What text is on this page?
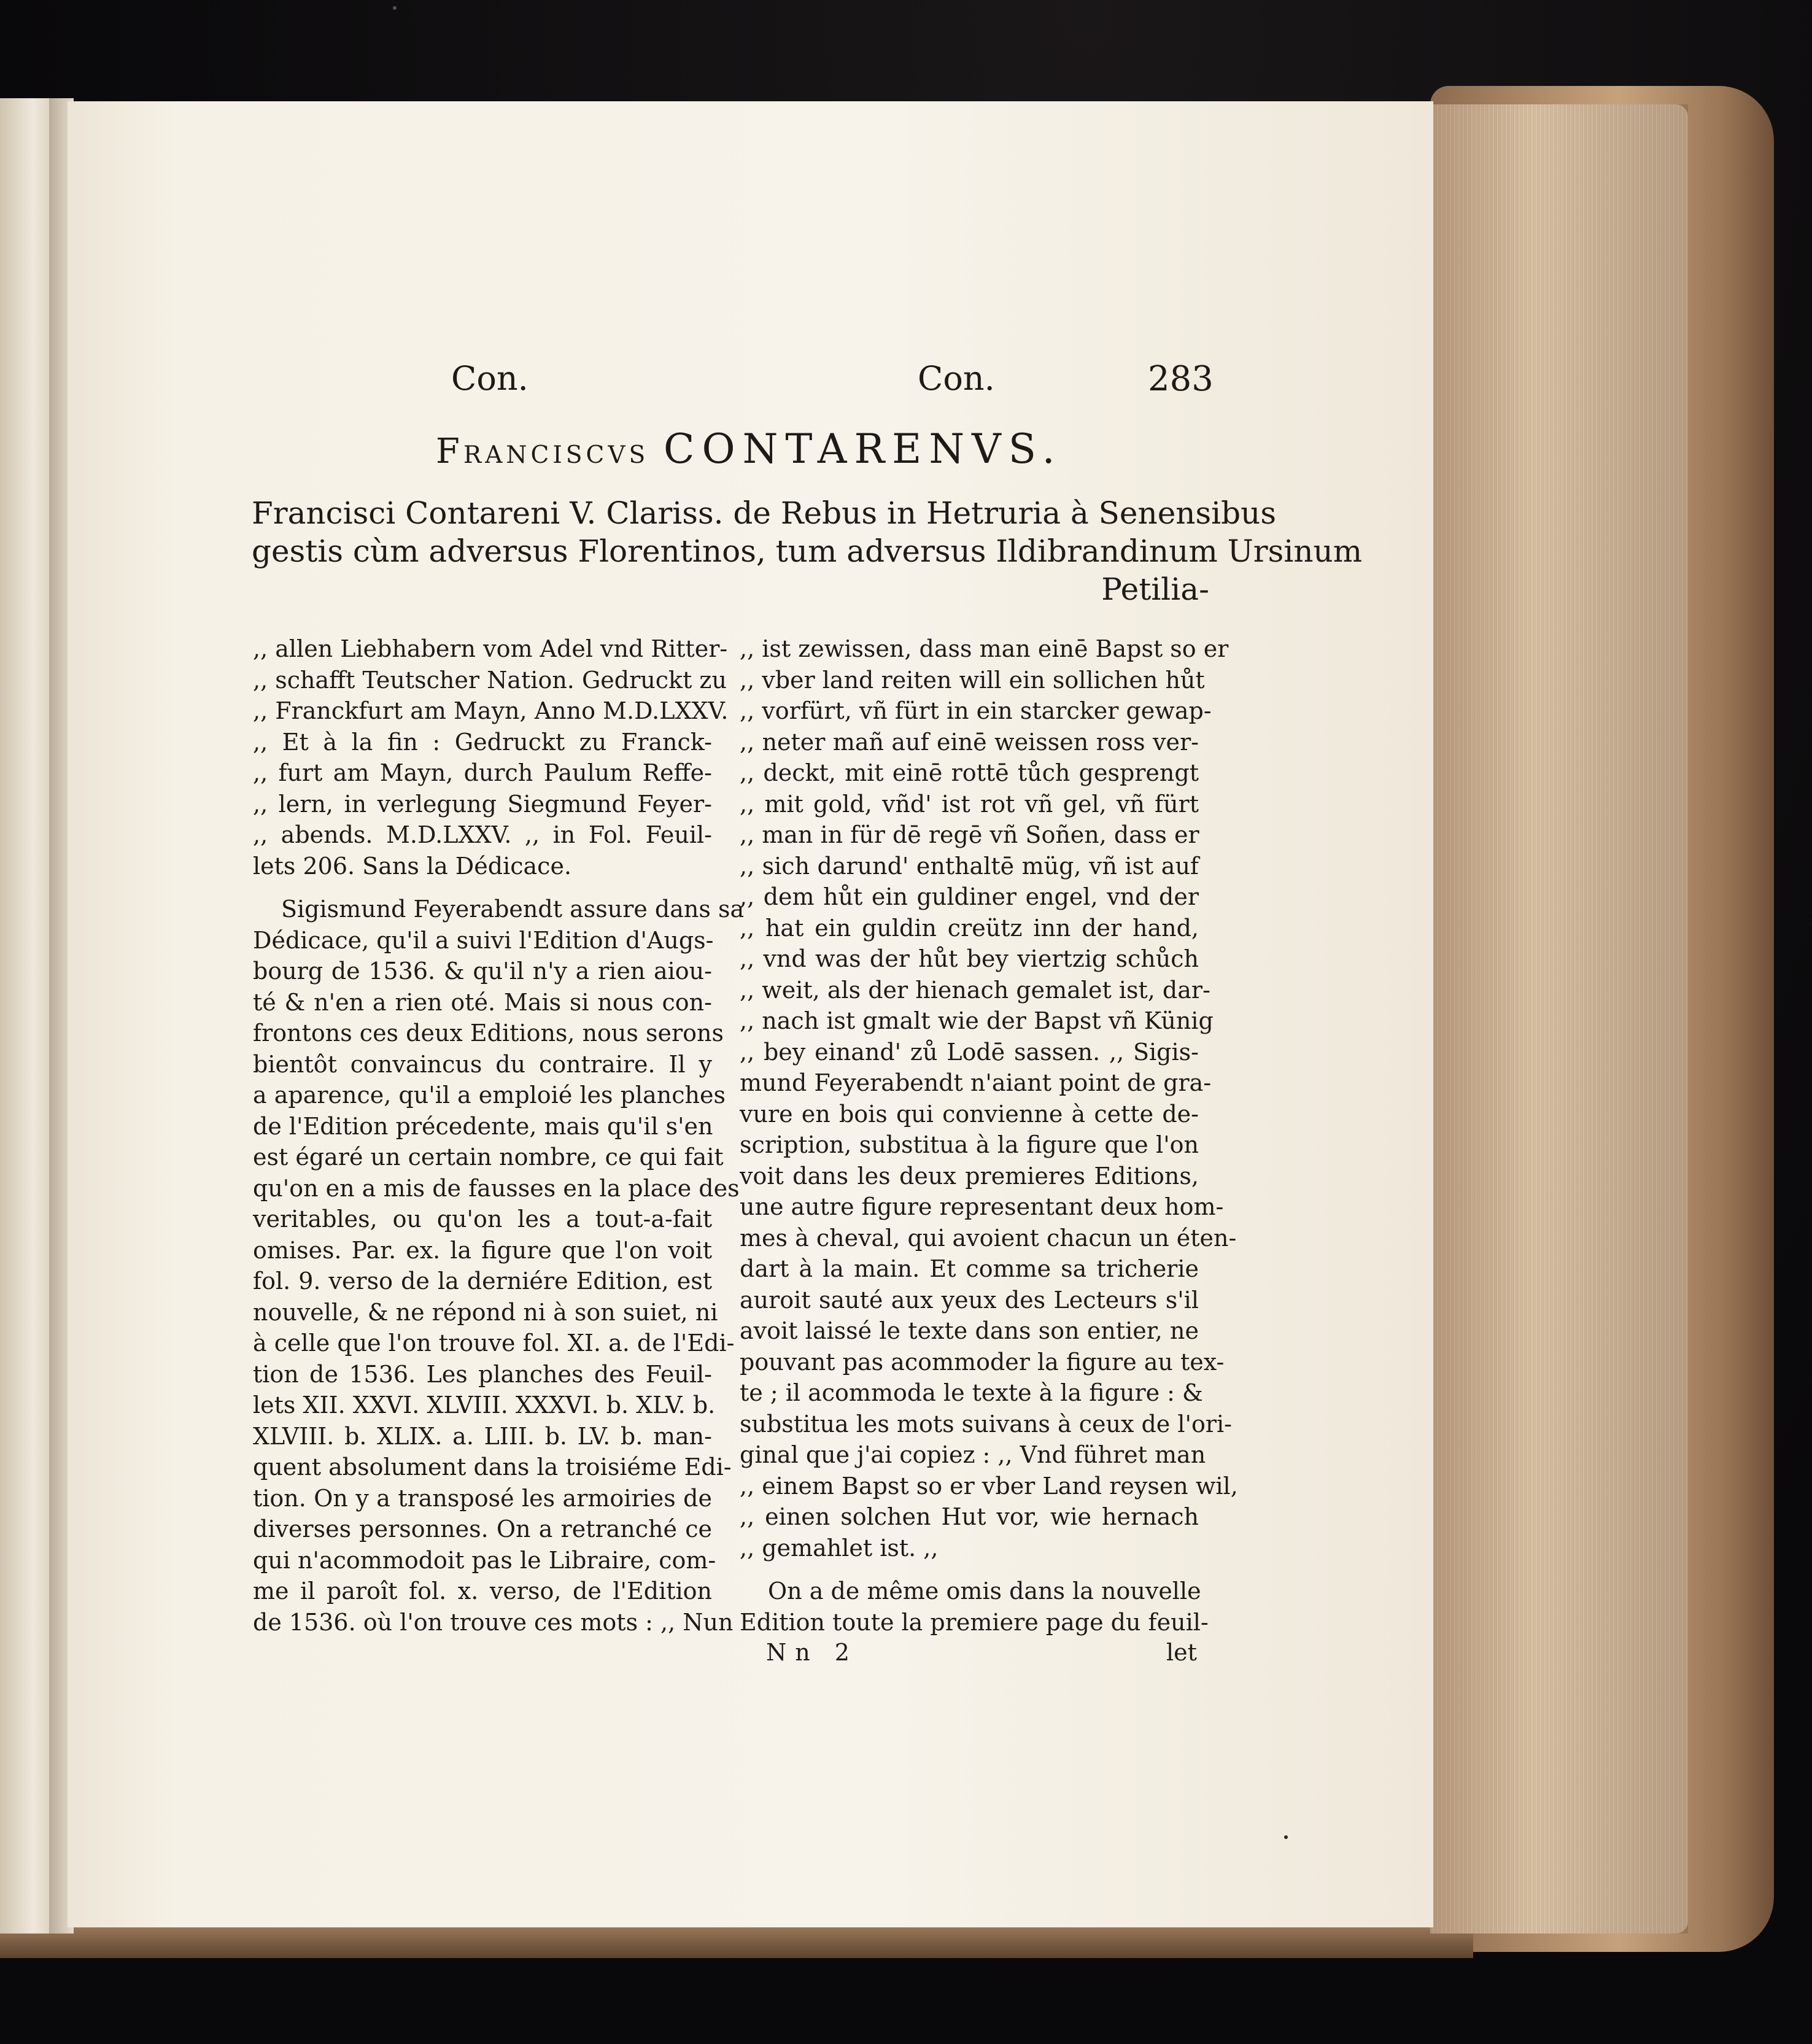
Con.	Con.	283
Franciscvs CONTARENVS.
Francisci Contareni V. Clariss. de Rebus in Hetruria à Senensibus
gestis cùm adversus Florentinos, tum adversus Ildibrandinum Ursinum
Petilia-
,, allen Liebhabern vom Adel vnd Ritter-
,, schafft Teutscher Nation. Gedruckt zu
,, Franckfurt am Mayn, Anno M.D.LXXV.
,, Et à la fin : Gedruckt zu Franck-
,, furt am Mayn, durch Paulum Reffe-
,, lern, in verlegung Siegmund Feyer-
,, abends. M.D.LXXV. ,, in Fol. Feuil-
lets 206. Sans la Dédicace.
Sigismund Feyerabendt assure dans sa
Dédicace, qu'il a suivi l'Edition d'Augs-
bourg de 1536. & qu'il n'y a rien aiou-
té & n'en a rien oté. Mais si nous con-
frontons ces deux Editions, nous serons
bientôt convaincus du contraire. Il y
a aparence, qu'il a emploié les planches
de l'Edition précedente, mais qu'il s'en
est égaré un certain nombre, ce qui fait
qu'on en a mis de fausses en la place des
veritables, ou qu'on les a tout-a-fait
omises. Par. ex. la figure que l'on voit
fol. 9. verso de la derniére Edition, est
nouvelle, & ne répond ni à son suiet, ni
à celle que l'on trouve fol. XI. a. de l'Edi-
tion de 1536. Les planches des Feuil-
lets XII. XXVI. XLVIII. XXXVI. b. XLV. b.
XLVIII. b. XLIX. a. LIII. b. LV. b. man-
quent absolument dans la troisiéme Edi-
tion. On y a transposé les armoiries de
diverses personnes. On a retranché ce
qui n'acommodoit pas le Libraire, com-
me il paroît fol. x. verso, de l'Edition
de 1536. où l'on trouve ces mots : ,, Nun
,, ist zewissen, dass man einē Bapst so er
,, vber land reiten will ein sollichen hůt
,, vorfürt, vñ fürt in ein starcker gewap-
,, neter mañ auf einē weissen ross ver-
,, deckt, mit einē rottē tůch gesprengt
,, mit gold, vñd' ist rot vñ gel, vñ fürt
,, man in für dē regē vñ Soñen, dass er
,, sich darund' enthaltē müg, vñ ist auf
,, dem hůt ein guldiner engel, vnd der
,, hat ein guldin creütz inn der hand,
,, vnd was der hůt bey viertzig schůch
,, weit, als der hienach gemalet ist, dar-
,, nach ist gmalt wie der Bapst vñ Künig
,, bey einand' zů Lodē sassen. ,, Sigis-
mund Feyerabendt n'aiant point de gra-
vure en bois qui convienne à cette de-
scription, substitua à la figure que l'on
voit dans les deux premieres Editions,
une autre figure representant deux hom-
mes à cheval, qui avoient chacun un éten-
dart à la main. Et comme sa tricherie
auroit sauté aux yeux des Lecteurs s'il
avoit laissé le texte dans son entier, ne
pouvant pas acommoder la figure au tex-
te ; il acommoda le texte à la figure : &
substitua les mots suivans à ceux de l'ori-
ginal que j'ai copiez : ,, Vnd führet man
,, einem Bapst so er vber Land reysen wil,
,, einen solchen Hut vor, wie hernach
,, gemahlet ist. ,,
On a de même omis dans la nouvelle
Edition toute la premiere page du feuil-
Nn 2	let
